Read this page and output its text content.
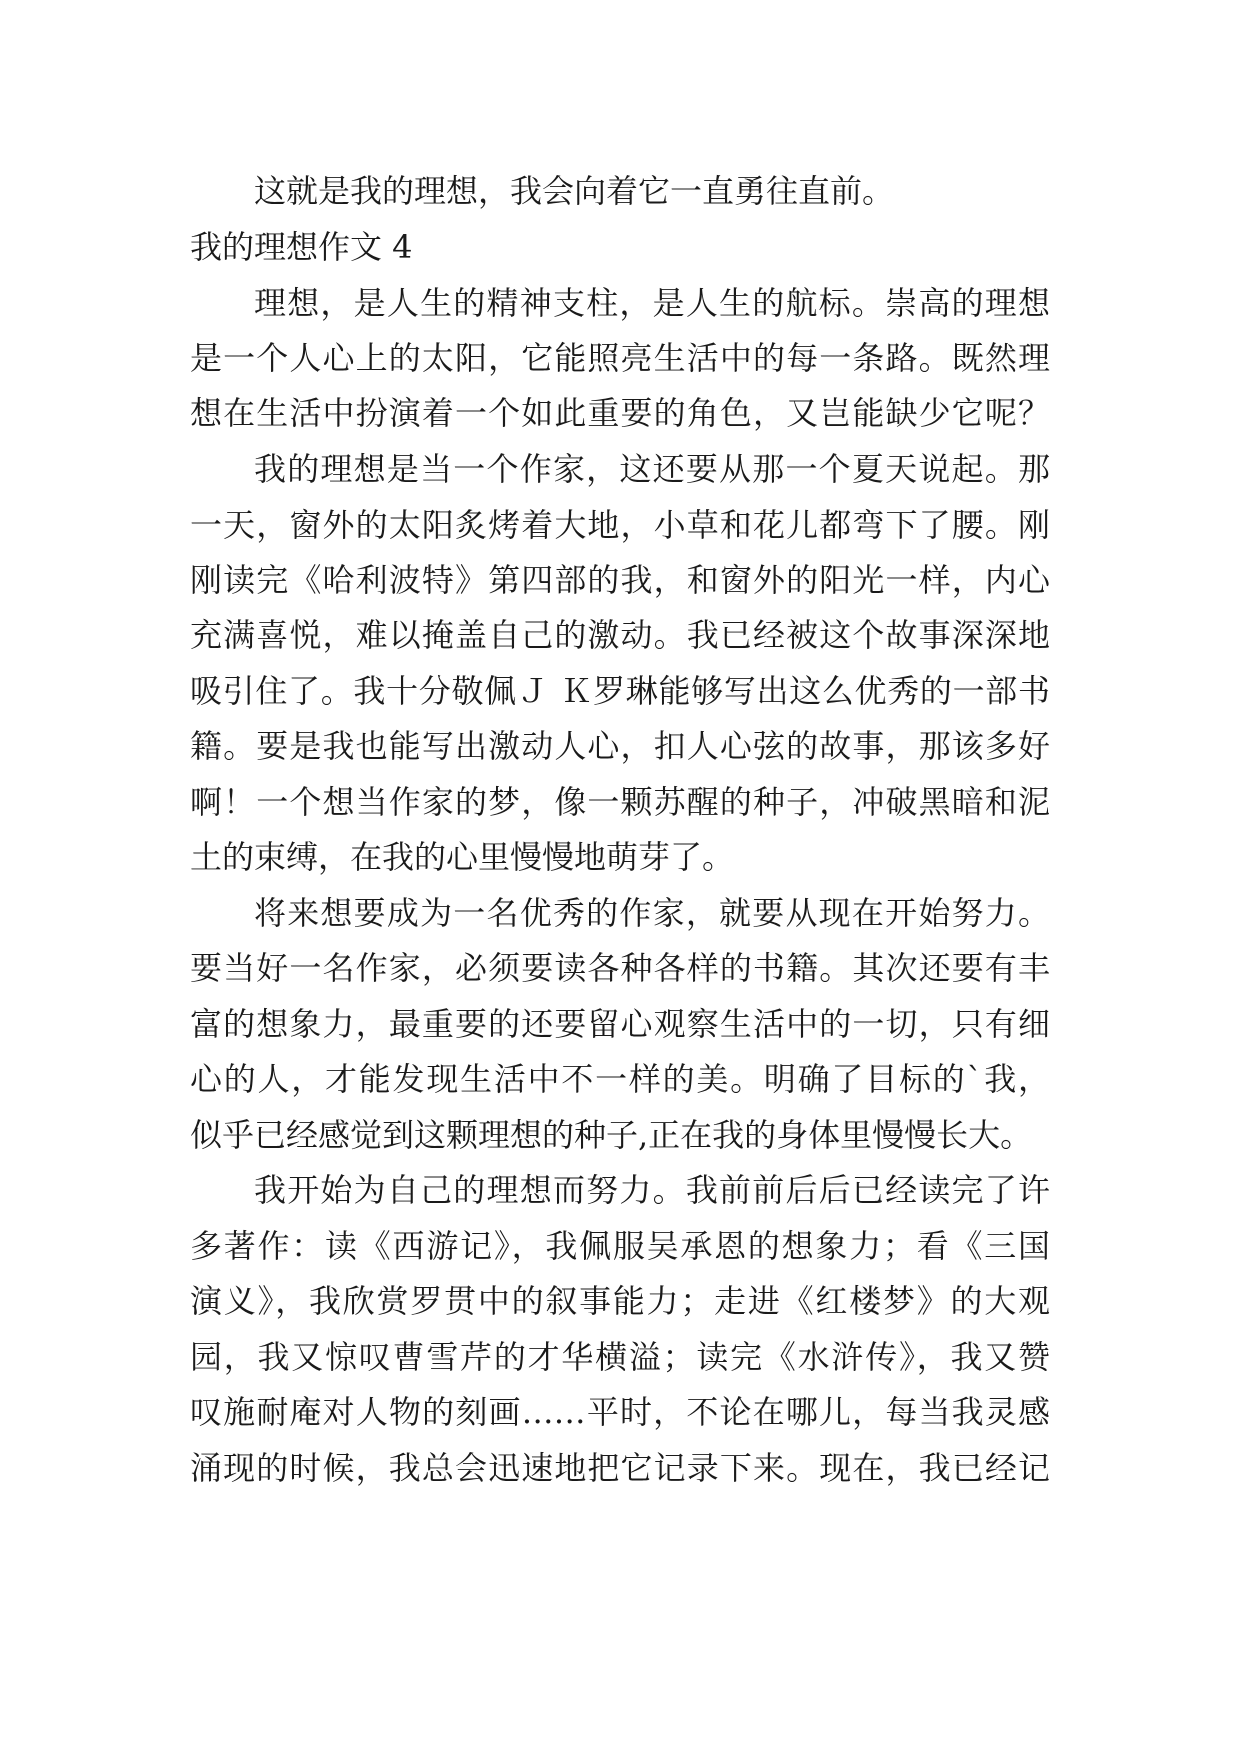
这就是我的理想，我会向着它一直勇往直前。
我的理想作文 4
理想，是人生的精神支柱，是人生的航标。崇高的理想
是一个人心上的太阳，它能照亮生活中的每一条路。既然理
想在生活中扮演着一个如此重要的角色，又岂能缺少它呢？
我的理想是当一个作家，这还要从那一个夏天说起。那
一天，窗外的太阳炙烤着大地，小草和花儿都弯下了腰。刚
刚读完《哈利波特》第四部的我，和窗外的阳光一样，内心
充满喜悦，难以掩盖自己的激动。我已经被这个故事深深地
吸引住了。我十分敬佩Ｊ Ｋ罗琳能够写出这么优秀的一部书
籍。要是我也能写出激动人心，扣人心弦的故事，那该多好
啊！一个想当作家的梦，像一颗苏醒的种子，冲破黑暗和泥
土的束缚，在我的心里慢慢地萌芽了。
将来想要成为一名优秀的作家，就要从现在开始努力。
要当好一名作家，必须要读各种各样的书籍。其次还要有丰
富的想象力，最重要的还要留心观察生活中的一切，只有细
心的人，才能发现生活中不一样的美。明确了目标的`我，
似乎已经感觉到这颗理想的种子,正在我的身体里慢慢长大。
我开始为自己的理想而努力。我前前后后已经读完了许
多著作：读《西游记》，我佩服吴承恩的想象力；看《三国
演义》，我欣赏罗贯中的叙事能力；走进《红楼梦》的大观
园，我又惊叹曹雪芹的才华横溢；读完《水浒传》，我又赞
叹施耐庵对人物的刻画……平时，不论在哪儿，每当我灵感
涌现的时候，我总会迅速地把它记录下来。现在，我已经记
